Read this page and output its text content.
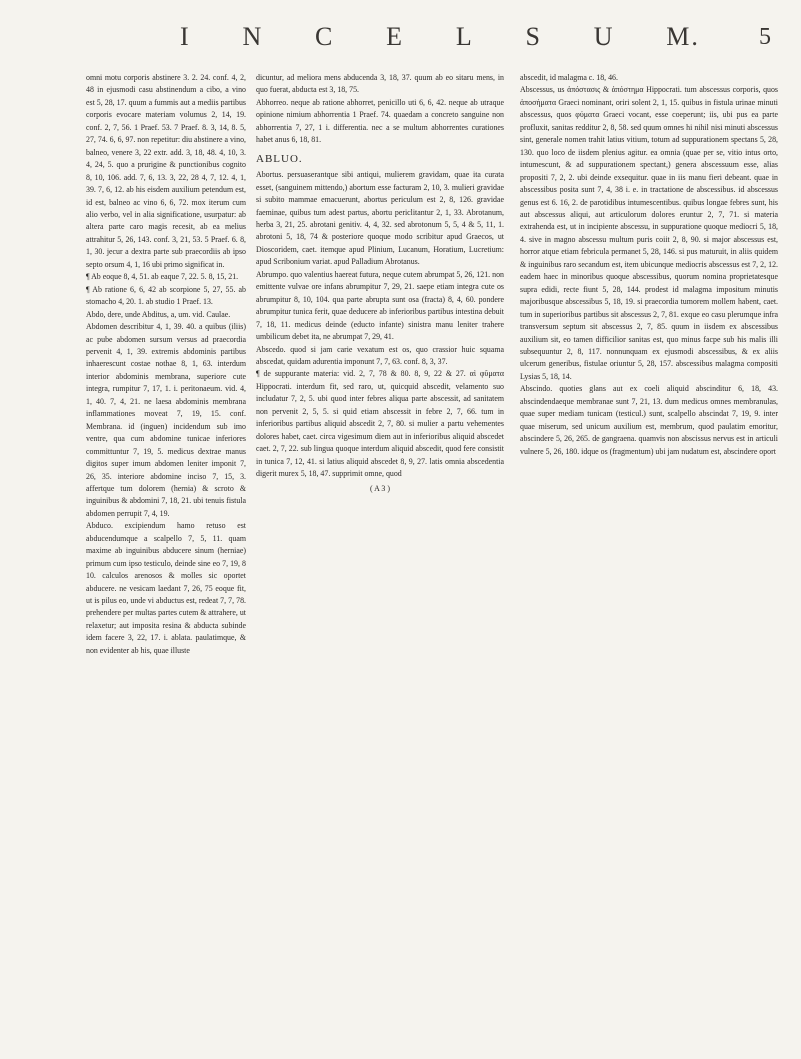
I N C E L S U M. 5

omni motu corporis abstinere 3. 2. 24. conf. 4, 2, 48 in ejusmodi casu abstinendum a cibo, a vino est 5, 28, 17. quum a fummis aut a mediis partibus corporis evocare materiam volumus 2, 14, 19. conf. 2, 7, 56. 1 Praef. 53. 7 Praef. 8. 3, 14, 8. 5, 27, 74. 6, 6, 97. non repetitur: diu abstinere a vino, balneo, venere 3, 22 extr. add. 3, 18, 48. 4, 10, 3. 4, 24, 5. quo a prurigine & punctionibus cognito 8, 10, 106. add. 7, 6, 13. 3, 22, 28 4, 7, 12. 4, 1, 39. 7, 6, 12. ab his eisdem auxilium petendum est, id est, balneo ac vino 6, 6, 72. mox iterum cum alio verbo, vel in alia significatione, usurpatur: ab altera parte caro magis recesit, ab ea melius attrahitur 5, 26, 143. conf. 3, 21, 53. 5 Praef. 6. 8, 1, 30. jecur a dextra parte sub praecordiis ab ipso septo orsum 4, 1, 16 ubi primo significat in.

¶ Ab eoque 8, 4, 51. ab eaque 7, 22. 5. 8, 15, 21.

¶ Ab ratione 6, 6, 42 ab scorpione 5, 27, 55. ab stomacho 4, 20. 1. ab studio 1 Praef. 13.

Abdo, dere, unde Abditus, a, um. vid. Caulae.

Abdomen describitur 4, 1, 39. 40. a quibus (iliis) ac pube abdomen sursum versus ad praecordia pervenit 4, 1, 39. extremis abdominis partibus inhaerescunt costae nothae 8, 1, 63. interdum interior abdominis membrana, superiore cute integra, rumpitur 7, 17, 1. i. peritonaeum. vid. 4, 1, 40. 7, 4, 21. ne laesa abdominis membrana inflammationes moveat 7, 19, 15. conf. Membrana. id (inguen) incidendum sub imo ventre, qua cum abdomine tunicae inferiores committuntur 7, 19, 5. medicus dextrae manus digitos super imum abdomen leniter imponit 7, 26, 35. interiore abdomine inciso 7, 15, 3. affertque tum dolorem (hernia) & scroto & inguinibus & abdomini 7, 18, 21. ubi tenuis fistula abdomen perrupit 7, 4, 19.

Abduco. excipiendum hamo retuso est abducendumque a scalpello 7, 5, 11. quam maxime ab inguinibus abducere sinum (herniae) primum cum ipso testiculo, deinde sine eo 7, 19, 8 10. calculos arenosos & molles sic oportet abducere. ne vesicam laedant 7, 26, 75 eoque fit, ut is pilus eo, unde vi abductus est, redeat 7, 7, 78. prehendere per multas partes cutem & attrahere, ut relaxetur; aut imposita resina & abducta subinde idem facere 3, 22, 17. i. ablata. paulatimque, & non evidenter ab his, quae illuste

dicuntur, ad meliora mens abducenda 3, 18, 37. quum ab eo sitaru mens, in quo fuerat, abducta est 3, 18, 75.

Abhorreo. neque ab ratione abhorret, penicillo uti 6, 6, 42. neque ab utraque opinione nimium abhorrentia 1 Praef. 74. quaedam a concreto sanguine non abhorrentia 7, 27, 1 i. differentia. nec a se multum abhorrentes curationes habet anus 6, 18, 81.

ABLUO.

Abortus. persuaserantque sibi antiqui, mulierem gravidam, quae ita curata esset, (sanguinem mittendo,) abortum esse facturam 2, 10, 3. mulieri gravidae si subito mammae emacuerunt, abortus periculum est 2, 8, 126. gravidae faeminae, quibus tum adest partus, abortu periclitantur 2, 1, 33. Abrotanum, herba 3, 21, 25. abrotani genitiv. 4, 4, 32. sed abrotonum 5, 5, 4 & 5, 11, 1. abrotoni 5, 18, 74 & posteriore quoque modo scribitur apud Graecos, ut Dioscoridem, caet. itemque apud Plinium, Lucanum, Horatium, Lucretium: apud Scribonium variat. apud Palladium Abrotanus.

Abrumpo. quo valentius haereat futura, neque cutem abrumpat 5, 26, 121. non emittente vulvae ore infans abrumpitur 7, 29, 21. saepe etiam integra cute os abrumpitur 8, 10, 104. qua parte abrupta sunt osa (fracta) 8, 4, 60. pondere abrumpitur tunica ferit, quae deducere ab inferioribus partibus intestina debuit 7, 18, 11. medicus deinde (educto infante) sinistra manu leniter trahere umbilicum debet ita, ne abrumpat 7, 29, 41.

Abscedo. quod si jam carie vexatum est os, quo crassior huic squama abscedat, quidam adurentia imponunt 7, 7, 63. conf. 8, 3, 37.

¶ de suppurante materia: vid. 2, 7, 78 & 80. 8, 9, 22 & 27. αἱ φῦματα Hippocrati. interdum fit, sed raro, ut, quicquid abscedit, velamento suo includatur 7, 2, 5. ubi quod inter febres aliqua parte abscessit, ad sanitatem non pervenit 2, 5, 5. si quid etiam abscessit in febre 2, 7, 66. tum in inferioribus partibus aliquid abscedit 2, 7, 80. si mulier a partu vehementes dolores habet, caet. circa vigesimum diem aut in inferioribus aliquid abscedet caet. 2, 7, 22. sub lingua quoque interdum aliquid abscedit, quod fere consistit in tunica 7, 12, 41. si latius aliquid abscedet 8, 9, 27. latis omnia abscedentia digerit murex 5, 18, 47. supprimit omne, quod

( A 3 )

abscedit, id malagma c. 18, 46.

Abscessus, us ἀπόστασις & ἀπόστημα Hippocrati. tum abscessus corporis, quos ἀποσήματα Graeci nominant, oriri solent 2, 1, 15. quibus in fistula urinae minuti abscessus, quos φύματα Graeci vocant, esse coeperunt; iis, ubi pus ea parte profluxit, sanitas redditur 2, 8, 58. sed quum omnes hi nihil nisi minuti abscessus sint, generale nomen trahit latius vitium, totum ad suppurationem spectans 5, 28, 130. quo loco de iisdem plenius agitur. ea omnia (quae per se, vitio intus orto, intumescunt, & ad suppurationem spectant,) genera abscessuum esse, alias propositi 7, 2, 2. ubi deinde exsequitur. quae in iis manu fieri debeant. quae in abscessibus posita sunt 7, 4, 38 i. e. in tractatione de abscessibus. id abscessus genus est 6. 16, 2. de parotidibus intumescentibus. quibus longae febres sunt, his aut abscessus aliqui, aut articulorum dolores eruntur 2, 7, 71. si materia extrahenda est, ut in incipiente abscessu, in suppuratione quoque mediocri 5, 18, 4. sive in magno abscessu multum puris coiit 2, 8, 90. si major abscessus est, horror atque etiam febricula permanet 5, 28, 146. si pus maturuit, in aliis quidem & inguinibus raro secandum est, item ubicunque mediocris abscessus est 7, 2, 12. eadem haec in minoribus quoque abscessibus, quorum nomina proprietatesque supra edidi, recte fiunt 5, 28, 144. prodest id malagma impositum minutis majoribusque abscessibus 5, 18, 19. si praecordia tumorem mollem habent, caet. tum in superioribus partibus sit abscessus 2, 7, 81. exque eo casu plerumque infra transversum septum sit abscessus 2, 7, 85. quum in iisdem ex abscessibus auxilium sit, eo tamen difficilior sanitas est, quo minus facpe sub his malis illi subsequuntur 2, 8, 117. nonnunquam ex ejusmodi abscessibus, & ex aliis ulcerum generibus, fistulae oriuntur 5, 28, 157. abscessibus malagma compositi Lysias 5, 18, 14.

Abscindo. quoties glans aut ex coeli aliquid abscinditur 6, 18, 43. abscindendaeque membranae sunt 7, 21, 13. dum medicus omnes membranulas, quae super mediam tunicam (testicul.) sunt, scalpello abscindat 7, 19, 9. inter quae miserum, sed unicum auxilium est, membrum, quod paulatim emoritur, abscindere 5, 26, 265. de gangraena. quamvis non abscissus nervus est in articuli vulnere 5, 26, 180. idque os (fragmentum) ubi jam nudatum est, abscindere oport
